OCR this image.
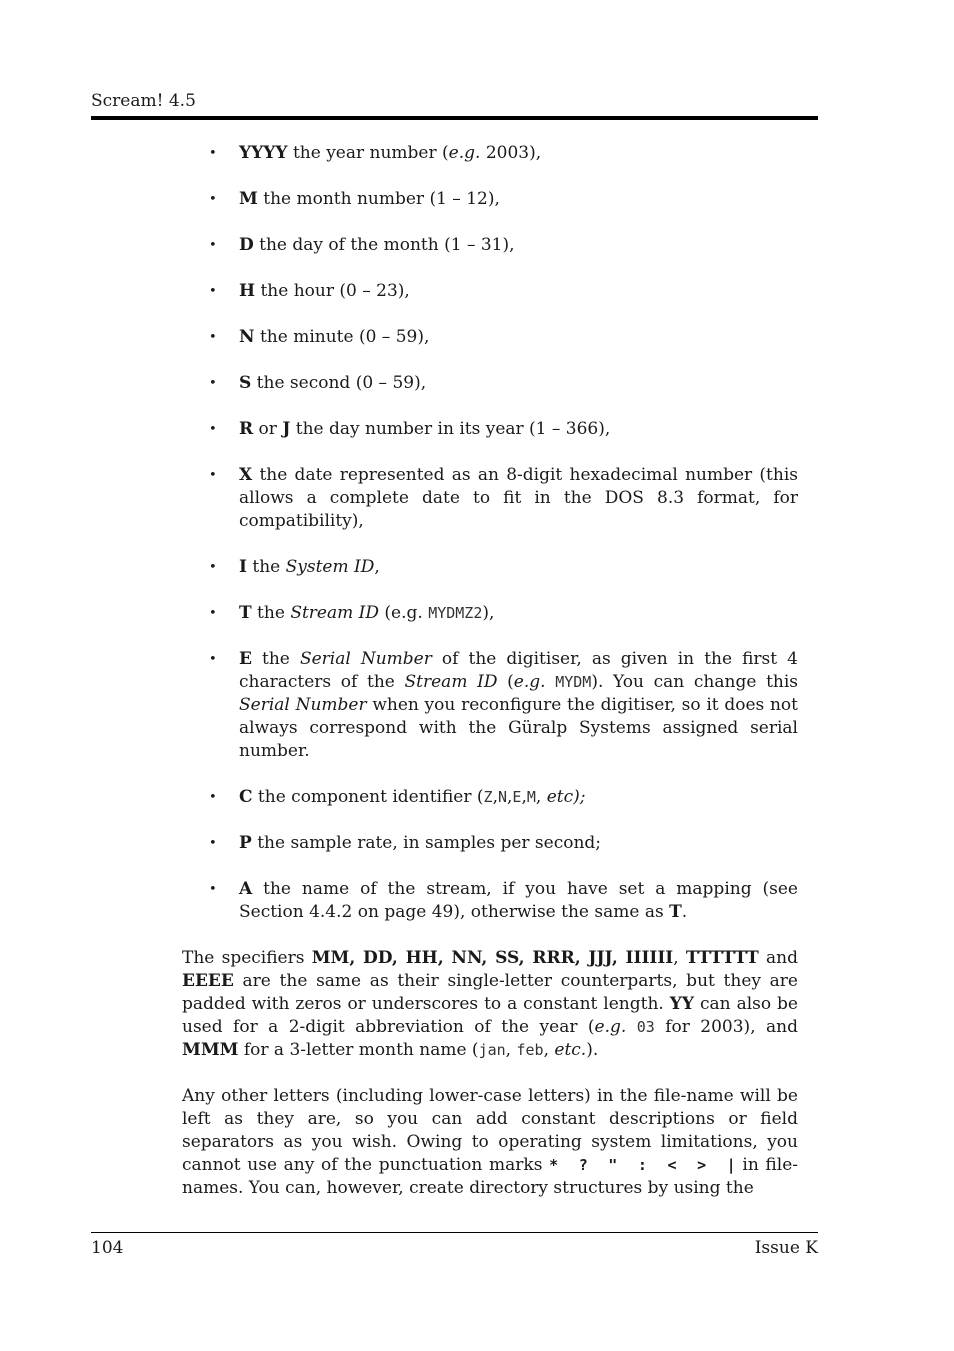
Scream! 4.5
• YYYY the year number (e.g. 2003),
• M the month number (1 – 12),
• D the day of the month (1 – 31),
• H the hour (0 – 23),
• N the minute (0 – 59),
• S the second (0 – 59),
• R or J the day number in its year (1 – 366),
• X the date represented as an 8-digit hexadecimal number (this allows a complete date to fit in the DOS 8.3 format, for compatibility),
• I the System ID,
• T the Stream ID (e.g. MYDMZ2),
• E the Serial Number of the digitiser, as given in the first 4 characters of the Stream ID (e.g. MYDM). You can change this Serial Number when you reconfigure the digitiser, so it does not always correspond with the Güralp Systems assigned serial number.
• C the component identifier (Z,N,E,M, etc);
• P the sample rate, in samples per second;
• A the name of the stream, if you have set a mapping (see Section 4.4.2 on page 49), otherwise the same as T.

The specifiers MM, DD, HH, NN, SS, RRR, JJJ, IIIIII, TTTTTT and EEEE are the same as their single-letter counterparts, but they are padded with zeros or underscores to a constant length. YY can also be used for a 2-digit abbreviation of the year (e.g. 03 for 2003), and MMM for a 3-letter month name (jan, feb, etc.).

Any other letters (including lower-case letters) in the file-name will be left as they are, so you can add constant descriptions or field separators as you wish. Owing to operating system limitations, you cannot use any of the punctuation marks *  ?  "  :  <  >  | in file-names. You can, however, create directory structures by using the

104	Issue K
